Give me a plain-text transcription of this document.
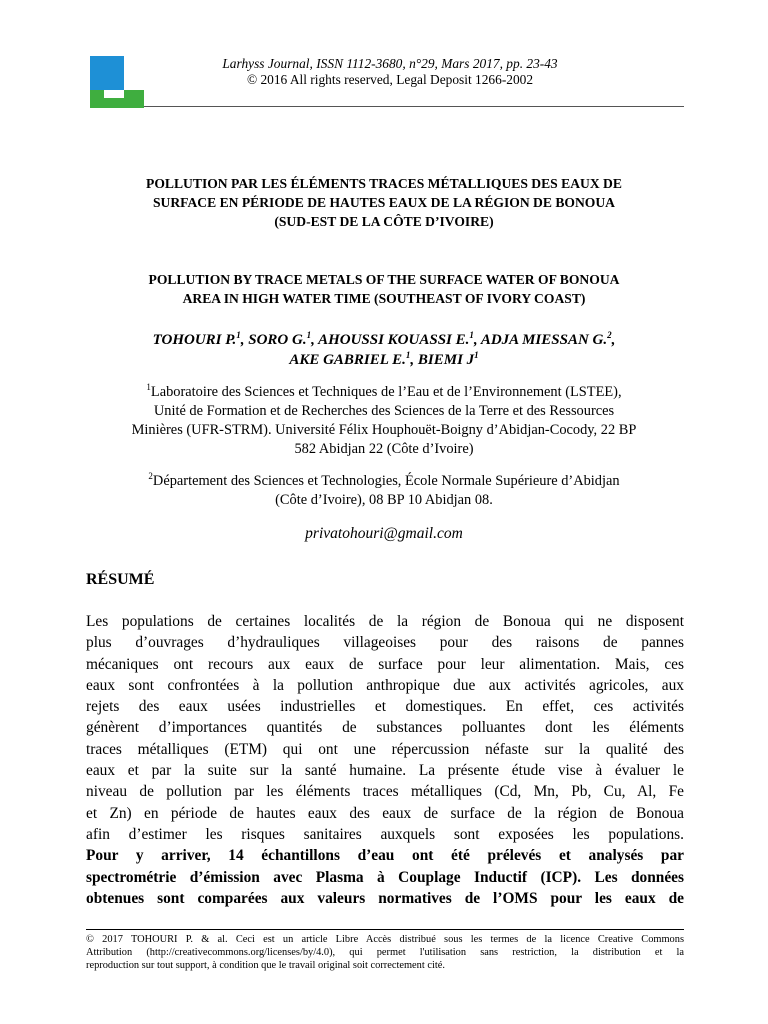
Larhyss Journal, ISSN 1112-3680, n°29, Mars 2017, pp. 23-43
© 2016 All rights reserved, Legal Deposit 1266-2002
POLLUTION PAR LES ÉLÉMENTS TRACES MÉTALLIQUES DES EAUX DE
SURFACE EN PÉRIODE DE HAUTES EAUX DE LA RÉGION DE BONOUA
(SUD-EST DE LA CÔTE D’IVOIRE)
POLLUTION BY TRACE METALS OF THE SURFACE WATER OF BONOUA
AREA IN HIGH WATER TIME (SOUTHEAST OF IVORY COAST)
TOHOURI P.$^1$, SORO G.$^1$, AHOUSSI KOUASSI E.$^1$, ADJA MIESSAN G.$^2$,
AKE GABRIEL E.$^1$, BIEMI $J^1$
$^1$Laboratoire des Sciences et Techniques de l’Eau et de l’Environnement (LSTEE),
Unité de Formation et de Recherches des Sciences de la Terre et des Ressources
Minières (UFR-STRM). Université Félix Houphouët-Boigny d’Abidjan-Cocody, 22 BP
582 Abidjan 22 (Côte d’Ivoire)
$^2$Département des Sciences et Technologies, École Normale Supérieure d’Abidjan
(Côte d’Ivoire), 08 BP 10 Abidjan 08.
privatohouri@gmail.com
RÉSUMÉ
Les populations de certaines localités de la région de Bonoua qui ne disposent
plus d’ouvrages d’hydrauliques villageoises pour des raisons de pannes
mécaniques ont recours aux eaux de surface pour leur alimentation. Mais, ces
eaux sont confrontées à la pollution anthropique due aux activités agricoles, aux
rejets des eaux usées industrielles et domestiques. En effet, ces activités
génèrent d’importances quantités de substances polluantes dont les éléments
traces métalliques (ETM) qui ont une répercussion néfaste sur la qualité des
eaux et par la suite sur la santé humaine. La présente étude vise à évaluer le
niveau de pollution par les éléments traces métalliques (Cd, Mn, Pb, Cu, Al, Fe
et Zn) en période de hautes eaux des eaux de surface de la région de Bonoua
afin d’estimer les risques sanitaires auxquels sont exposées les populations.
Pour y arriver, 14 échantillons d’eau ont été prélevés et analysés par
spectrométrie d’émission avec Plasma à Couplage Inductif (ICP). Les données
obtenues sont comparées aux valeurs normatives de l’OMS pour les eaux de
© 2017 TOHOURI P. & al. Ceci est un article Libre Accès distribué sous les termes de la licence Creative Commons
Attribution (http://creativecommons.org/licenses/by/4.0), qui permet l'utilisation sans restriction, la distribution et la
reproduction sur tout support, à condition que le travail original soit correctement cité.
